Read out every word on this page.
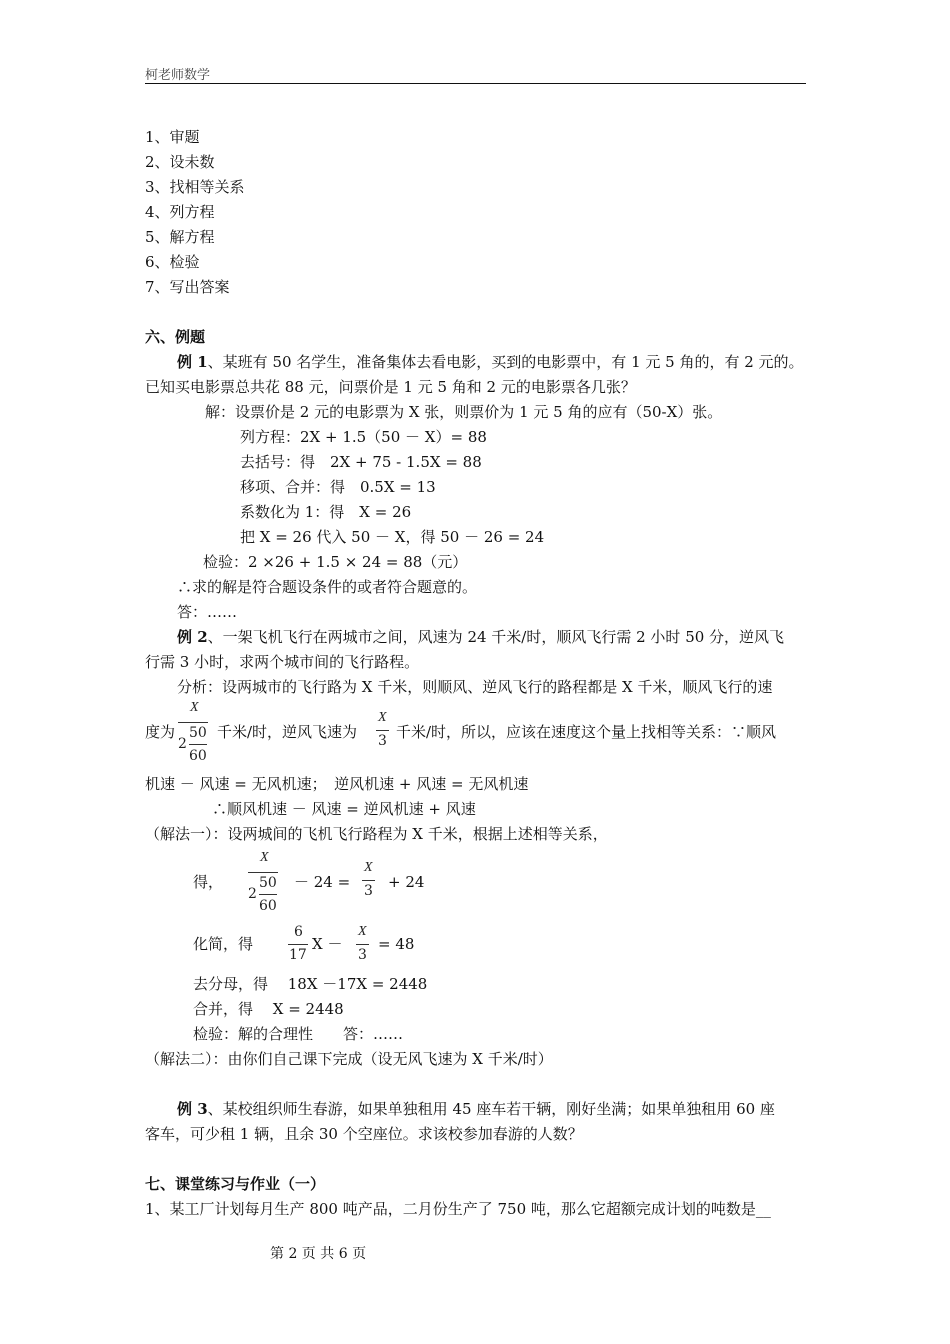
柯老师数学
1、审题
2、设未数
3、找相等关系
4、列方程
5、解方程
6、检验
7、写出答案
六、例题
例 1、某班有 50 名学生，准备集体去看电影，买到的电影票中，有 1 元 5 角的，有 2 元的。
已知买电影票总共花 88 元，问票价是 1 元 5 角和 2 元的电影票各几张？
解：设票价是 2 元的电影票为 X 张，则票价为 1 元 5 角的应有（50-X）张。
列方程：2X + 1.5（50 － X）= 88
去括号：得　2X + 75 - 1.5X = 88
移项、合并：得　0.5X = 13
系数化为 1：得　X = 26
把 X = 26 代入 50 － X，得 50 － 26 = 24
检验：2 ×26 + 1.5 × 24 = 88（元）
∴求的解是符合题设条件的或者符合题意的。
答：……
例 2、一架飞机飞行在两城市之间，风速为 24 千米/时，顺风飞行需 2 小时 50 分，逆风飞
行需 3 小时，求两个城市间的飞行路程。
分析：设两城市的飞行路为 X 千米，则顺风、逆风飞行的路程都是 X 千米，顺风飞行的速
度为
X
2
50
60
千米/时，逆风飞速为
X
3 千米/时，所以，应该在速度这个量上找相等关系：∵顺风
机速 － 风速 = 无风机速；　逆风机速 + 风速 = 无风机速
∴顺风机速 － 风速 = 逆风机速 + 风速
（解法一）：设两城间的飞机飞行路程为 X 千米，根据上述相等关系，
得，
X
2
50
60
－ 24 =
X
3 + 24
化简，得
6
17
X －
X
3
= 48
去分母，得　 18X －17X = 2448
合并，得　 X = 2448
检验：解的合理性　　答：……
（解法二）：由你们自己课下完成（设无风飞速为 X 千米/时）
例 3、某校组织师生春游，如果单独租用 45 座车若干辆，刚好坐满；如果单独租用 60 座
客车，可少租 1 辆，且余 30 个空座位。求该校参加春游的人数？
七、课堂练习与作业（一）
1、某工厂计划每月生产 800 吨产品，二月份生产了 750 吨，那么它超额完成计划的吨数是__
第 2 页 共 6 页
